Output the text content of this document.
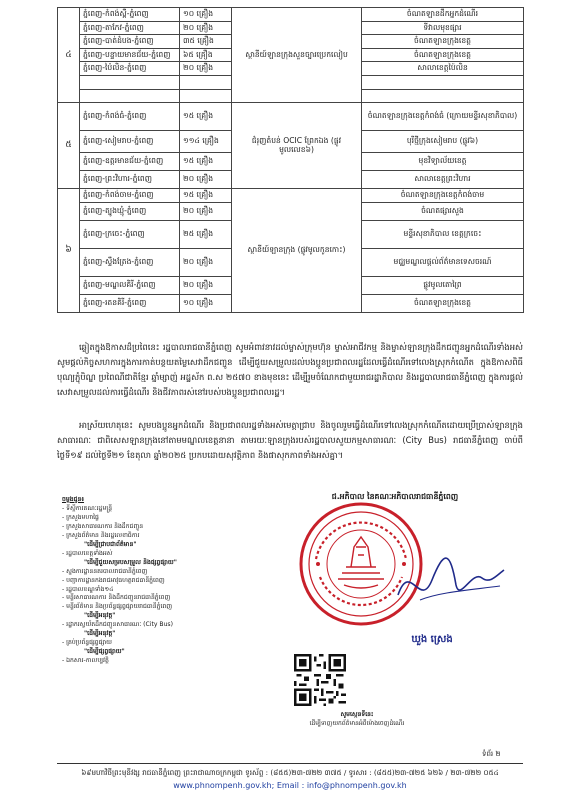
៤	ភ្នំពេញ-កំពង់ស្ពឺ-ភ្នំពេញ	១០ គ្រឿង	ស្ថានីយ៍ឡានក្រុងសួនច្បារប្រេកលៀប	ចំណតឡានដឹកអ្នកដំណើរ
	ភ្នំពេញ-តាកែវ-ភ្នំពេញ	២០ គ្រឿង		ទីវាលមុខផ្សារ
	ភ្នំពេញ-បាត់ដំបង-ភ្នំពេញ	៣៥ គ្រឿង		ចំណតឡានក្រុងខេត្ត
	ភ្នំពេញ-បន្ទាយមានជ័យ-ភ្នំពេញ	៦៥ គ្រឿង		ចំណតឡានក្រុងខេត្ត
	ភ្នំពេញ-ប៉ៃលិន-ភ្នំពេញ	២០ គ្រឿង		សាលាខេត្តប៉ៃលិន

៥	ភ្នំពេញ-កំពង់ធំ-ភ្នំពេញ	១៥ គ្រឿង	ជំរុញតំបន់ OCIC ព្រែកឯង (ផ្លូវមូលលេខ៦)	ចំណតឡានក្រុងខេត្តកំពង់ធំ (ក្រោយមន្ទីរសុខាភិបាល)
	ភ្នំពេញ-សៀមរាប-ភ្នំពេញ	១១៤ គ្រឿង		បុរីថ្មីក្រុងសៀមរាប (ផ្លូវ៦)
	ភ្នំពេញ-ឧត្តរមានជ័យ-ភ្នំពេញ	១៥ គ្រឿង		មុខវិទ្យាល័យខេត្ត
	ភ្នំពេញ-ព្រះវិហារ-ភ្នំពេញ	២០ គ្រឿង		សាលាខេត្តព្រះវិហារ
៦	ភ្នំពេញ-កំពង់ចាម-ភ្នំពេញ	១៥ គ្រឿង	ស្ថានីយ៍ឡានក្រុង (ផ្លូវមូលកូនកោះ)	ចំណតឡានក្រុងខេត្តកំពង់ចាម
	ភ្នំពេញ-ត្បូងឃ្មុំ-ភ្នំពេញ	២០ គ្រឿង		ចំណតផ្សារសួង
	ភ្នំពេញ-ក្រចេះ-ភ្នំពេញ	២៥ គ្រឿង		មន្ទីរសុខាភិបាល ខេត្តក្រចេះ
	ភ្នំពេញ-ស្ទឹងត្រែង-ភ្នំពេញ	២០ គ្រឿង		មជ្ឈមណ្ឌលផ្តល់ព័ត៌មានទេសចរណ៍
	ភ្នំពេញ-មណ្ឌលគិរី-ភ្នំពេញ	២០ គ្រឿង		ផ្លូវមូលតោព្រៃ
	ភ្នំពេញ-រតនគិរី-ភ្នំពេញ	១០ គ្រឿង		ចំណតឡានក្រុងខេត្ត

ឆ្លៀតក្នុងឱកាសដ៏ប្រពៃនេះ រដ្ឋបាលរាជធានីភ្នំពេញ សូមអំពាវនាវដល់ម្ចាស់ក្រុមហ៊ុន ម្ចាស់អាជីវកម្ម និងម្ចាស់ឡានក្រុងដឹកជញ្ជូនអ្នកដំណើរទាំងអស់ សូមផ្តល់កិច្ចសហការក្នុងការកាត់បន្ថយតម្លៃសេវាដឹកជញ្ជូន ដើម្បីជួយសម្រួលដល់បងប្អូនប្រជាពលរដ្ឋដែលធ្វើដំណើរទៅលេងស្រុកកំណើត ក្នុងឱកាសពិធីបុណ្យភ្ជុំបិណ្ឌ ប្រពៃណីជាតិខ្មែរ ឆ្នាំម្សាញ់ អដ្ឋស័ក ព.ស ២៥៧០ ខាងមុខនេះ ដើម្បីរួមចំណែកជាមួយរាជរដ្ឋាភិបាល និងរដ្ឋបាលរាជធានីភ្នំពេញ ក្នុងការផ្តល់សេវាសម្រួលដល់ការធ្វើដំណើរ និងជីវភាពរស់នៅរបស់បងប្អូនប្រជាពលរដ្ឋ។

អាស្រ័យហេតុនេះ សូមបងប្អូនអ្នកដំណើរ និងប្រជាពលរដ្ឋទាំងអស់មេត្តាជ្រាប និងចូលរួមធ្វើដំណើរទៅលេងស្រុកកំណើតដោយប្រើប្រាស់ឡានក្រុងសាធារណៈ ជាពិសេសឡានក្រុងនៅតាមមណ្ឌលខេត្តនានា តាមរយៈឡានក្រុងរបស់រដ្ឋបាលសួយកម្មសាធារណៈ (City Bus) រាជធានីភ្នំពេញ ចាប់ពីថ្ងៃទី១៩ ដល់ថ្ងៃទី២១ ខែតុលា ឆ្នាំ២០២៥ ប្រកបដោយសុវត្ថិភាព និងផាសុកភាពទាំងអស់គ្នា។

ជ.អភិបាល នៃគណៈអភិបាលរាជធានីភ្នំពេញ
ឃួង ស្រេង
ចម្លងជូន៖
- ទីស្តីការគណៈរដ្ឋមន្ត្រី
- ក្រសួងមហាផ្ទៃ
- ក្រសួងសាធារណការ និងដឹកជញ្ជូន
- ក្រសួងព័ត៌មាន និងរដ្ឋលេខាធិការ
"ដើម្បីជ្រាបជាព័ត៌មាន"
- រដ្ឋបាលខេត្តទាំងអស់
"ដើម្បីជួយសម្របសម្រួល និងផ្សព្វផ្សាយ"
- ស្នងការដ្ឋាននគរបាលរាជធានីភ្នំពេញ
- បញ្ជាការដ្ឋានកងរាជអាវុធហត្ថរាជធានីភ្នំពេញ
- រដ្ឋបាលខណ្ឌទាំង១៤
- មន្ទីរសាធារណការ និងដឹកជញ្ជូនរាជធានីភ្នំពេញ
- មន្ទីរព័ត៌មាន និងប្រព័ន្ធផ្សព្វផ្សាយរាជធានីភ្នំពេញ
"ដើម្បីអនុវត្ត"
- រដ្ឋាករស្វយ័តដឹកជញ្ជូនសាធារណៈ (City Bus)
"ដើម្បីអនុវត្ត"
- គ្រប់ប្រព័ន្ធផ្សព្វផ្សាយ
"ដើម្បីផ្សព្វផ្សាយ"
- ឯកសារ-កាលប្បវត្តិ
សូមស្កេនទីនេះ
ដើម្បីទាញយកព័ត៌មានអំពីម៉ោងចេញដំណើរ
ទំព័រ ២
៦៩មហាវិថីព្រះមុនីវង្ស រាជធានីភ្នំពេញ ព្រះរាជាណាចក្រកម្ពុជា ទូរស័ព្ទ : (៨៥៥)២៣-៧២២ ៣៧៥ / ទូរសារ : (៨៥៥)២៣-៧២៥ ៦២៦ / ២៣-៧២២ ០៥៤
www.phnompenh.gov.kh; Email : info@phnompenh.gov.kh
